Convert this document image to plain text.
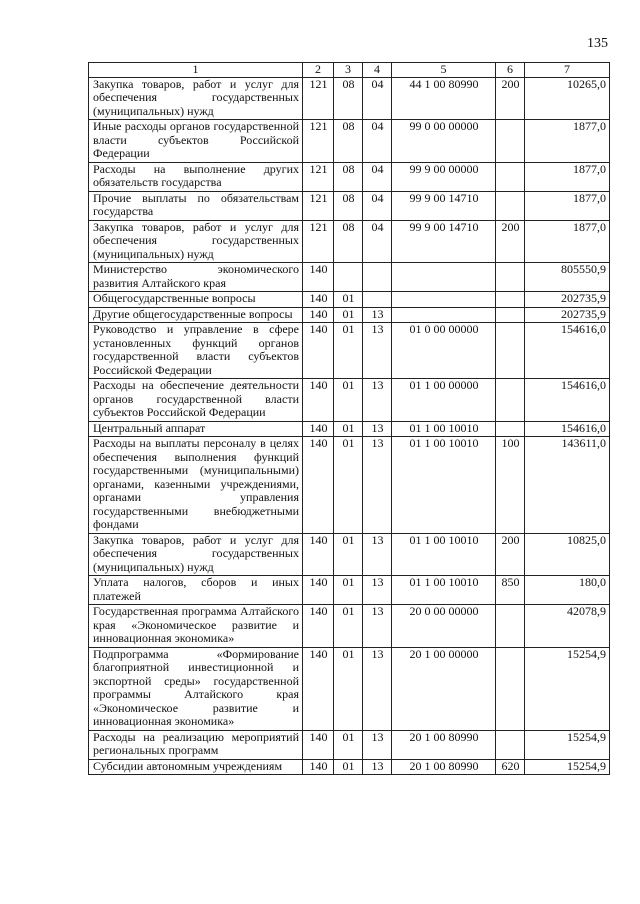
135
1	2	3	4	5	6	7
Закупка товаров, работ и услуг для обеспечения государственных (муниципальных) нужд	121	08	04	44 1 00 80990	200	10265,0
Иные расходы органов государственной власти субъектов Российской Федерации	121	08	04	99 0 00 00000		1877,0
Расходы на выполнение других обязательств государства	121	08	04	99 9 00 00000		1877,0
Прочие выплаты по обязательствам государства	121	08	04	99 9 00 14710		1877,0
Закупка товаров, работ и услуг для обеспечения государственных (муниципальных) нужд	121	08	04	99 9 00 14710	200	1877,0
Министерство экономического развития Алтайского края	140					805550,9
Общегосударственные вопросы	140	01				202735,9
Другие общегосударственные вопросы	140	01	13			202735,9
Руководство и управление в сфере установленных функций органов государственной власти субъектов Российской Федерации	140	01	13	01 0 00 00000		154616,0
Расходы на обеспечение деятельности органов государственной власти субъектов Российской Федерации	140	01	13	01 1 00 00000		154616,0
Центральный аппарат	140	01	13	01 1 00 10010		154616,0
Расходы на выплаты персоналу в целях обеспечения выполнения функций государственными (муниципальными) органами, казенными учреждениями, органами управления государственными внебюджетными фондами	140	01	13	01 1 00 10010	100	143611,0
Закупка товаров, работ и услуг для обеспечения государственных (муниципальных) нужд	140	01	13	01 1 00 10010	200	10825,0
Уплата налогов, сборов и иных платежей	140	01	13	01 1 00 10010	850	180,0
Государственная программа Алтайского края «Экономическое развитие и инновационная экономика»	140	01	13	20 0 00 00000		42078,9
Подпрограмма «Формирование благоприятной инвестиционной и экспортной среды» государственной программы Алтайского края «Экономическое развитие и инновационная экономика»	140	01	13	20 1 00 00000		15254,9
Расходы на реализацию мероприятий региональных программ	140	01	13	20 1 00 80990		15254,9
Субсидии автономным учреждениям	140	01	13	20 1 00 80990	620	15254,9
